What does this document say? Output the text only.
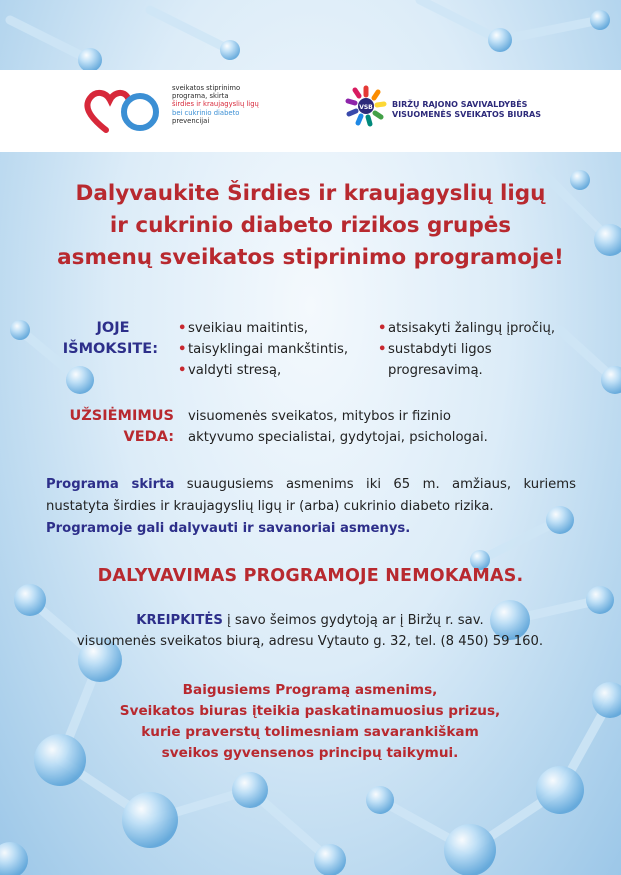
sveikatos stiprinimo
programa, skirta
širdies ir kraujagyslių ligų
bei cukrinio diabeto
prevencijai
VSB BIRŽŲ RAJONO SAVIVALDYBĖS
VISUOMENĖS SVEIKATOS BIURAS
Dalyvaukite Širdies ir kraujagyslių ligų
ir cukrinio diabeto rizikos grupės
asmenų sveikatos stiprinimo programoje!
JOJE
IŠMOKSITE:
• sveikiau maitintis,
• taisyklingai mankštintis,
• valdyti stresą,
• atsisakyti žalingų įpročių,
• sustabdyti ligos
progresavimą.
UŽSIĖMIMUS
VEDA:
visuomenės sveikatos, mitybos ir fizinio
aktyvumo specialistai, gydytojai, psichologai.
Programa skirta suaugusiems asmenims iki 65 m. amžiaus, kuriems nustatyta širdies ir kraujagyslių ligų ir (arba) cukrinio diabeto rizika.
Programoje gali dalyvauti ir savanoriai asmenys.
DALYVAVIMAS PROGRAMOJE NEMOKAMAS.
KREIPKITĖS į savo šeimos gydytoją ar į Biržų r. sav.
visuomenės sveikatos biurą, adresu Vytauto g. 32, tel. (8 450) 59 160.
Baigusiems Programą asmenims,
Sveikatos biuras įteikia paskatinamuosius prizus,
kurie praverstų tolimesniam savarankiškam
sveikos gyvensenos principų taikymui.
